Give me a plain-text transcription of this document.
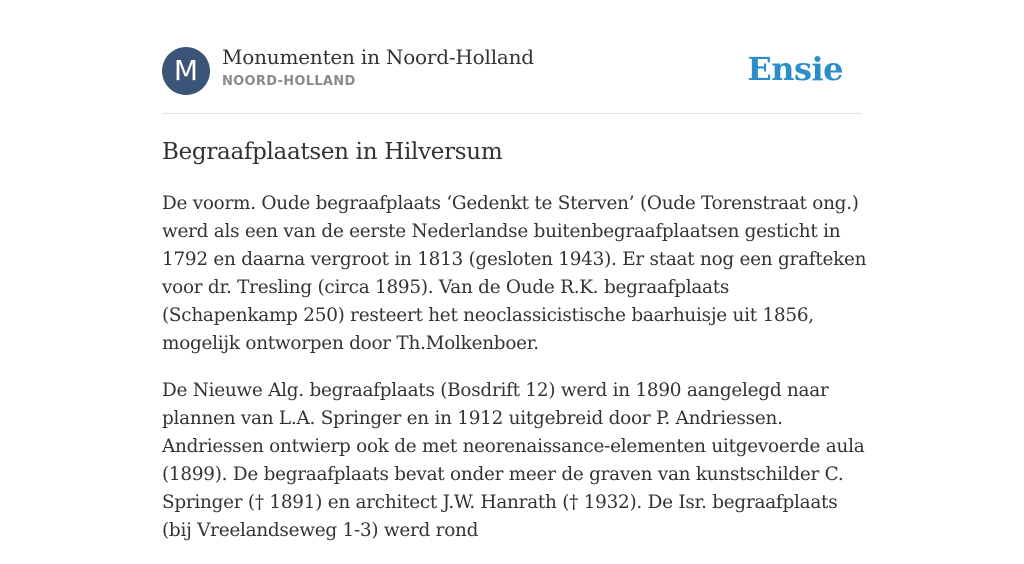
M	Monumenten in Noord-Holland
NOORD-HOLLAND	Ensie
Begraafplaatsen in Hilversum

De voorm. Oude begraafplaats ‘Gedenkt te Sterven’ (Oude Torenstraat ong.) werd als een van de eerste Nederlandse buitenbegraafplaatsen gesticht in 1792 en daarna vergroot in 1813 (gesloten 1943). Er staat nog een grafteken voor dr. Tresling (circa 1895). Van de Oude R.K. begraafplaats (Schapenkamp 250) resteert het neoclassicistische baarhuisje uit 1856, mogelijk ontworpen door Th.Molkenboer.

De Nieuwe Alg. begraafplaats (Bosdrift 12) werd in 1890 aangelegd naar plannen van L.A. Springer en in 1912 uitgebreid door P. Andriessen. Andriessen ontwierp ook de met neorenaissance-elementen uitgevoerde aula (1899). De begraafplaats bevat onder meer de graven van kunstschilder C. Springer († 1891) en architect J.W. Hanrath († 1932). De Isr. begraafplaats (bij Vreelandseweg 1-3) werd rond
